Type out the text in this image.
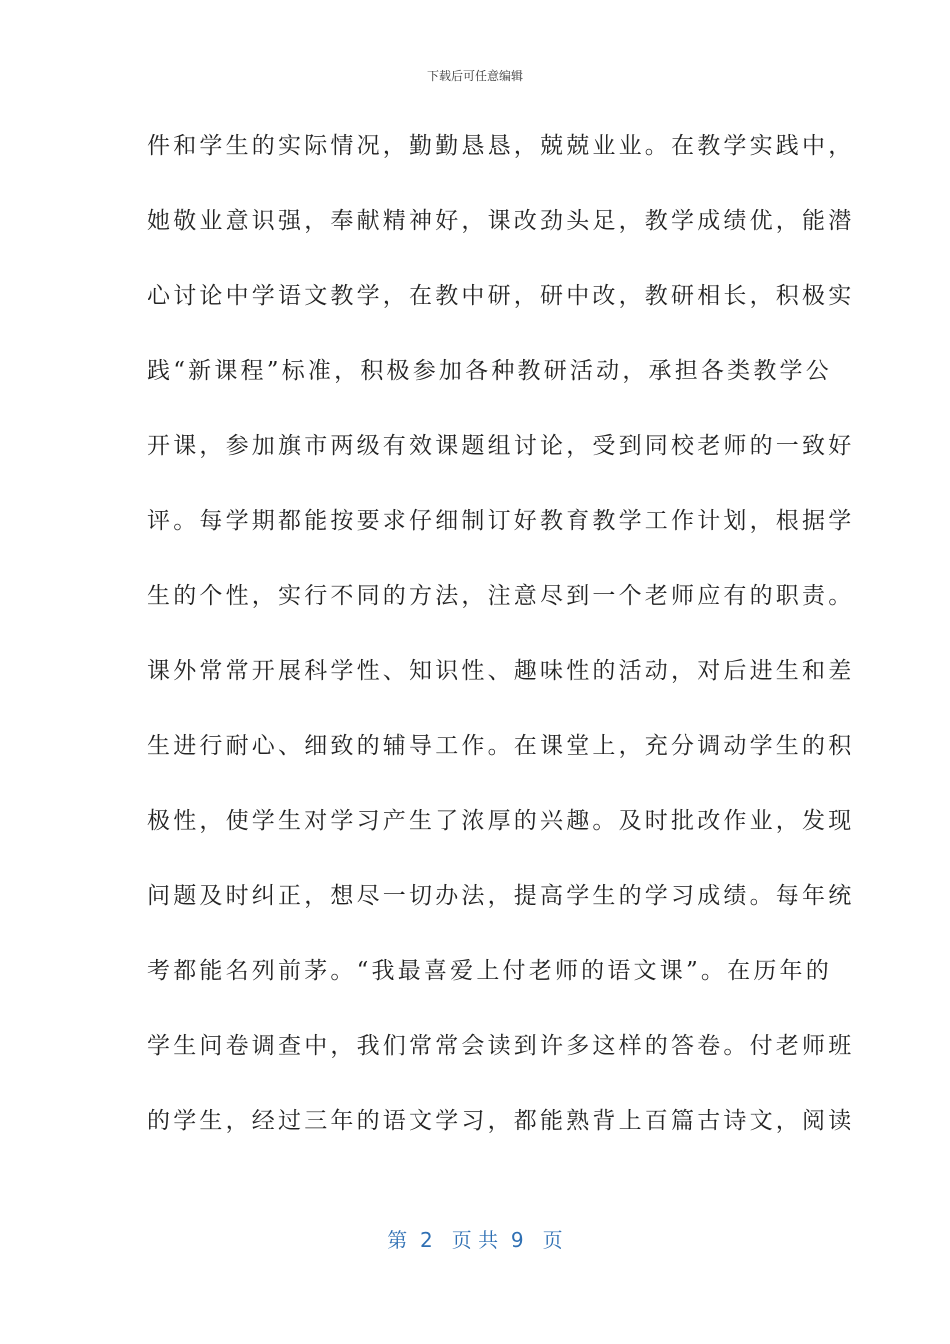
下载后可任意编辑
件和学生的实际情况，勤勤恳恳，兢兢业业。在教学实践中，
她敬业意识强，奉献精神好，课改劲头足，教学成绩优，能潜
心讨论中学语文教学，在教中研，研中改，教研相长，积极实
践“新课程”标准，积极参加各种教研活动，承担各类教学公
开课，参加旗市两级有效课题组讨论，受到同校老师的一致好
评。每学期都能按要求仔细制订好教育教学工作计划，根据学
生的个性，实行不同的方法，注意尽到一个老师应有的职责。
课外常常开展科学性、知识性、趣味性的活动，对后进生和差
生进行耐心、细致的辅导工作。在课堂上，充分调动学生的积
极性，使学生对学习产生了浓厚的兴趣。及时批改作业，发现
问题及时纠正，想尽一切办法，提高学生的学习成绩。每年统
考都能名列前茅。“我最喜爱上付老师的语文课”。在历年的
学生问卷调查中，我们常常会读到许多这样的答卷。付老师班
的学生，经过三年的语文学习，都能熟背上百篇古诗文，阅读
第  2   页 共  9   页
